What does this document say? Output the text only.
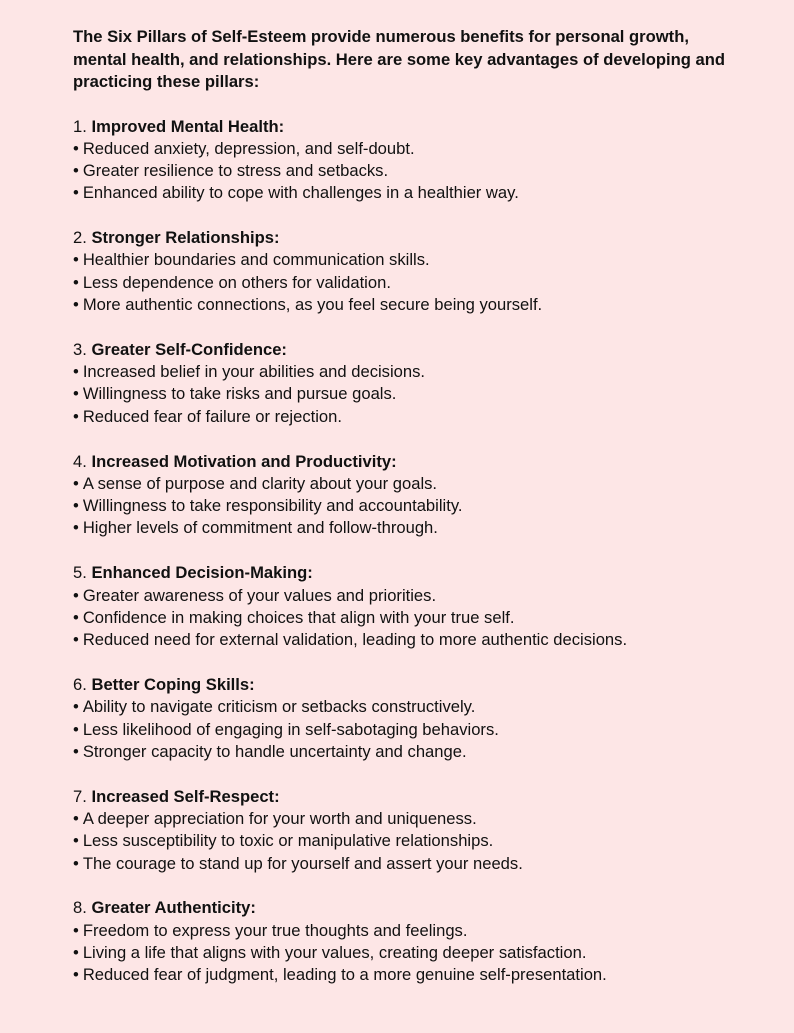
The Six Pillars of Self-Esteem provide numerous benefits for personal growth, mental health, and relationships. Here are some key advantages of developing and practicing these pillars:

1. Improved Mental Health:

• Reduced anxiety, depression, and self-doubt.
• Greater resilience to stress and setbacks.
• Enhanced ability to cope with challenges in a healthier way.

2. Stronger Relationships:

• Healthier boundaries and communication skills.
• Less dependence on others for validation.
• More authentic connections, as you feel secure being yourself.

3. Greater Self-Confidence:

• Increased belief in your abilities and decisions.
• Willingness to take risks and pursue goals.
• Reduced fear of failure or rejection.

4. Increased Motivation and Productivity:

• A sense of purpose and clarity about your goals.
• Willingness to take responsibility and accountability.
• Higher levels of commitment and follow-through.

5. Enhanced Decision-Making:

• Greater awareness of your values and priorities.
• Confidence in making choices that align with your true self.
• Reduced need for external validation, leading to more authentic decisions.

6. Better Coping Skills:

• Ability to navigate criticism or setbacks constructively.
• Less likelihood of engaging in self-sabotaging behaviors.
• Stronger capacity to handle uncertainty and change.

7. Increased Self-Respect:

• A deeper appreciation for your worth and uniqueness.
• Less susceptibility to toxic or manipulative relationships.
• The courage to stand up for yourself and assert your needs.

8. Greater Authenticity:

• Freedom to express your true thoughts and feelings.
• Living a life that aligns with your values, creating deeper satisfaction.
• Reduced fear of judgment, leading to a more genuine self-presentation.
